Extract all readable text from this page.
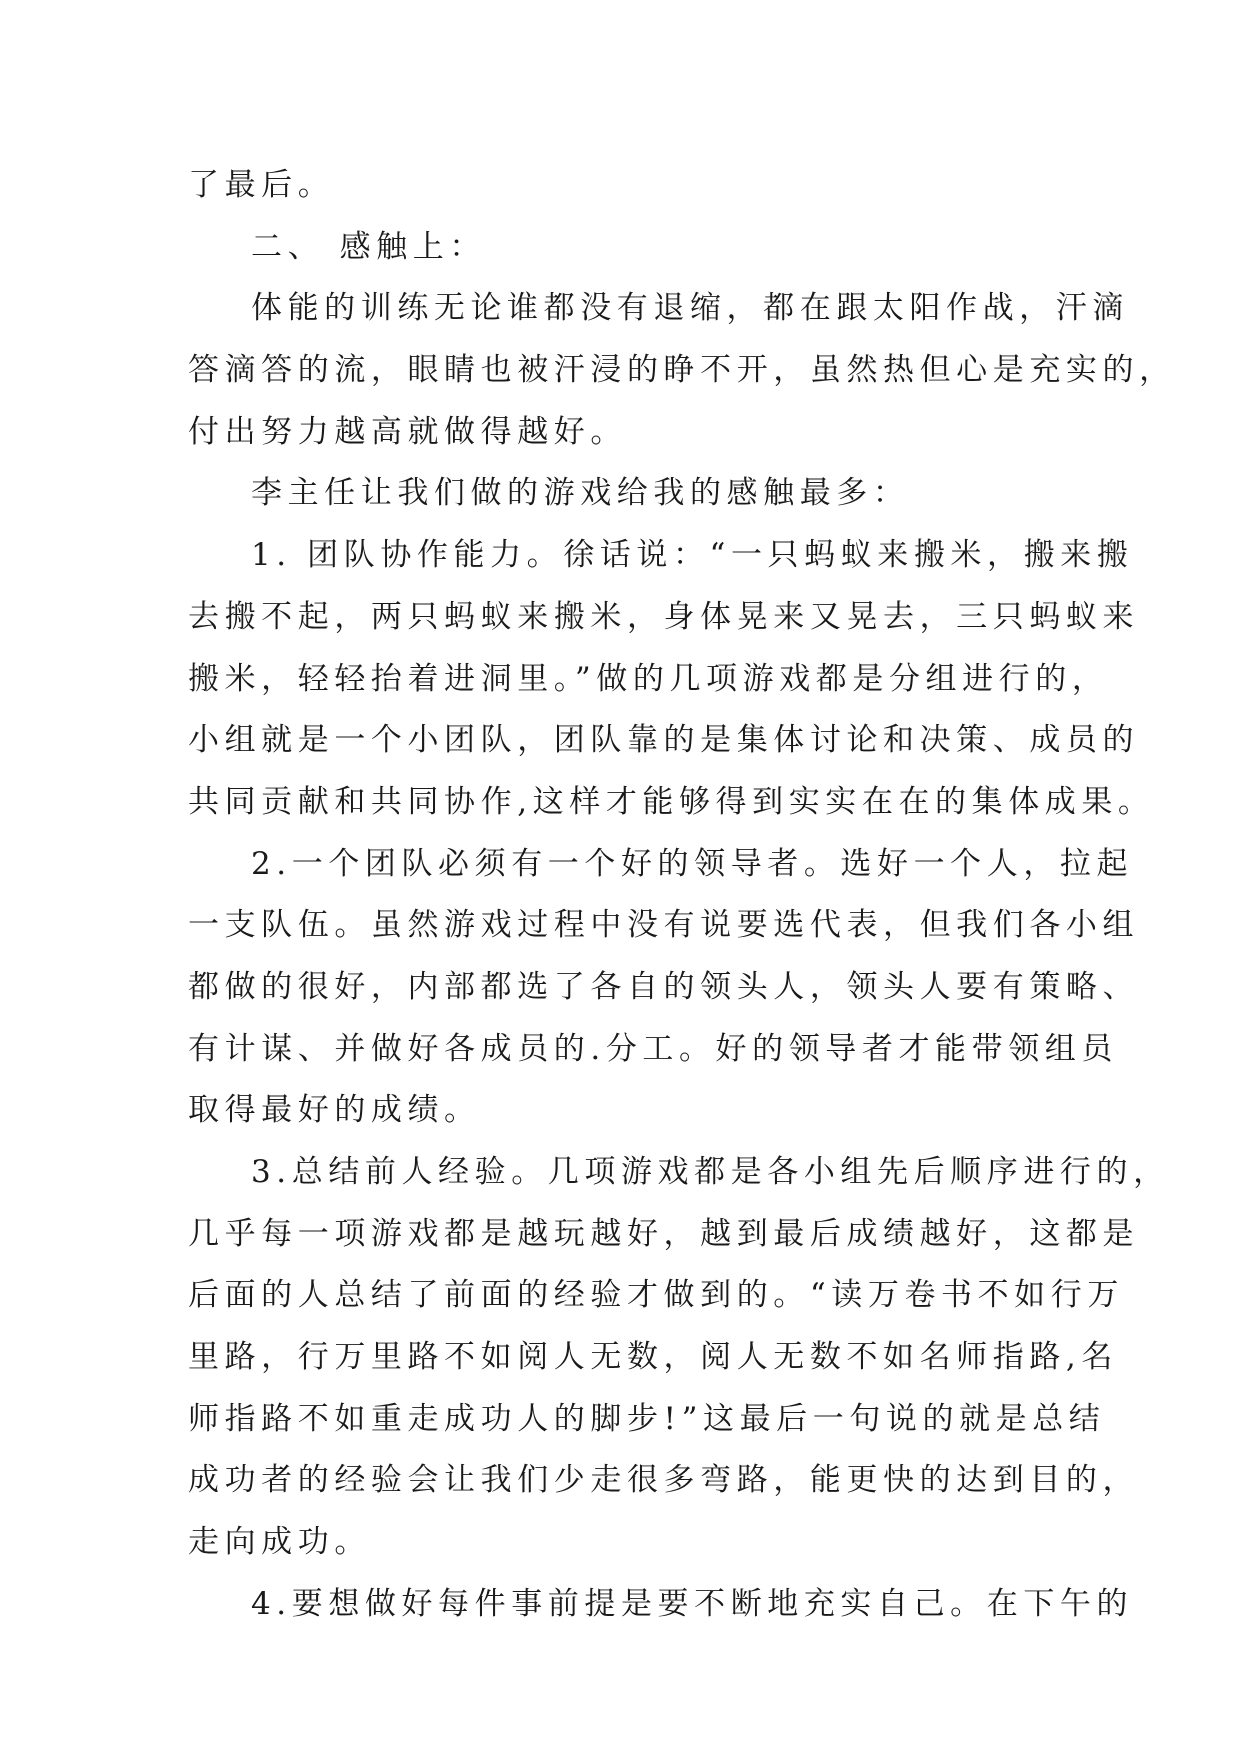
了最后。
二、 感触上：
体能的训练无论谁都没有退缩，都在跟太阳作战，汗滴
答滴答的流，眼睛也被汗浸的睁不开，虽然热但心是充实的，
付出努力越高就做得越好。
李主任让我们做的游戏给我的感触最多：
1. 团队协作能力。徐话说：“一只蚂蚁来搬米，搬来搬
去搬不起，两只蚂蚁来搬米，身体晃来又晃去，三只蚂蚁来
搬米，轻轻抬着进洞里。”做的几项游戏都是分组进行的，
小组就是一个小团队，团队靠的是集体讨论和决策、成员的
共同贡献和共同协作,这样才能够得到实实在在的集体成果。
2.一个团队必须有一个好的领导者。选好一个人，拉起
一支队伍。虽然游戏过程中没有说要选代表，但我们各小组
都做的很好，内部都选了各自的领头人，领头人要有策略、
有计谋、并做好各成员的.分工。好的领导者才能带领组员
取得最好的成绩。
3.总结前人经验。几项游戏都是各小组先后顺序进行的，
几乎每一项游戏都是越玩越好，越到最后成绩越好，这都是
后面的人总结了前面的经验才做到的。“读万卷书不如行万
里路，行万里路不如阅人无数，阅人无数不如名师指路,名
师指路不如重走成功人的脚步!”这最后一句说的就是总结
成功者的经验会让我们少走很多弯路，能更快的达到目的，
走向成功。
4.要想做好每件事前提是要不断地充实自己。在下午的
